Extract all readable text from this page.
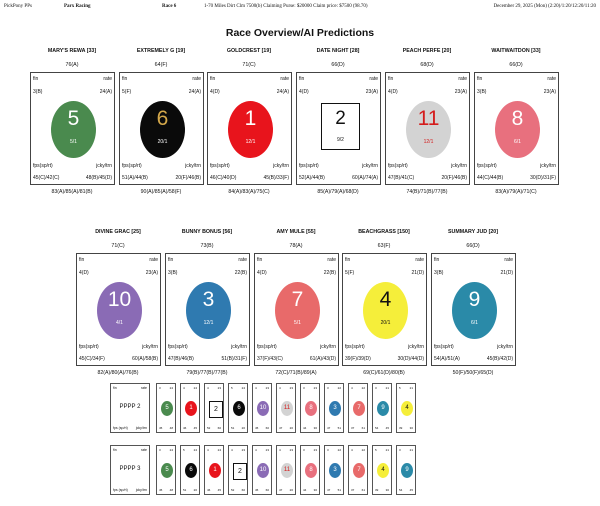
PickPony PPs	Parx Racing	Race 6	1-70 Miles Dirt Clm 7500(b) Claiming Purse: $20000 Claim price: $7500 (98.70)	December 29, 2025 (Mon) (2:20)/1:20/12:20/11:20
Race Overview/AI Predictions
MARY'S REWA [33]
76(A)
fin	rate
3(B)	24(A)
5
5/1
fps(sp/rt)	jcky/trn
45(C)/42(C)	48(B)/45(D)
83(A)/85(A)/81(B)
EXTREMELY G [19]
64(F)
fin	rate
5(F)	24(A)
6
20/1
fps(sp/rt)	jcky/trn
51(A)/44(B)	20(F)/46(B)
90(A)/85(A)/58(F)
GOLDCREST [19]
71(C)
fin	rate
4(D)	24(A)
1
12/1
fps(sp/rt)	jcky/trn
46(C)/40(D)	45(B)/33(F)
84(A)/83(A)/75(C)
DATE NIGHT [28]
66(D)
fin	rate
4(D)	23(A)
2
9/2
fps(sp/rt)	jcky/trn
52(A)/44(B)	60(A)/74(A)
85(A)/79(A)/68(D)
PEACH PERFE [20]
68(D)
fin	rate
4(D)	23(A)
11
12/1
fps(sp/rt)	jcky/trn
47(B)/41(C)	20(F)/46(B)
74(B)/71(B)/77(B)
WAITWAITDON [33]
66(D)
fin	rate
3(B)	23(A)
8
6/1
fps(sp/rt)	jcky/trn
44(C)/44(B)	30(D)/31(F)
83(A)/79(A)/71(C)
DIVINE GRAC [25]
71(C)
fin	rate
4(D)	23(A)
10
4/1
fps(sp/rt)	jcky/trn
45(C)/34(F)	60(A)/58(B)
82(A)/80(A)/76(B)
BUNNY BONUS [56]
73(B)
fin	rate
3(B)	22(B)
3
12/1
fps(sp/rt)	jcky/trn
47(B)/46(B)	51(B)/31(F)
79(B)/77(B)/77(B)
AMY MULE [55]
78(A)
fin	rate
4(D)	22(B)
7
5/1
fps(sp/rt)	jcky/trn
37(F)/43(C)	61(A)/43(D)
72(C)/71(B)/89(A)
BEACHGRASS [150]
63(F)
fin	rate
5(F)	21(D)
4
20/1
fps(sp/rt)	jcky/trn
39(F)/39(D)	30(D)/44(D)
69(C)/61(D)/80(B)
SUMMARY JUD [20]
66(D)
fin	rate
3(B)	21(D)
9
6/1
fps(sp/rt)	jcky/trn
54(A)/51(A)	45(B)/42(D)
50(F)/50(F)/65(D)
fin	rate
PPPP 2
fps (sp/rt) jcky/trn
3	24
5
45 48
4	24
1
46 45
4	23
2
52 60
5	24
6
51 20
4	23
10
45 60
4	23
11
47 20
3	23
8
44 30
3	22
3
47 51
4	22
7
37 61
3	21
9
54 45
5	21
4
39 30
fin	rate
PPPP 3
fps (sp/rt) jcky/trn
3	24
5
45 48
5	24
6
51 20
4	24
1
46 45
4	23
2
52 60
4	23
10
45 60
4	23
11
47 20
3	23
8
44 30
3	22
3
47 51
4	22
7
37 61
5	21
4
39 30
3	21
9
54 45
